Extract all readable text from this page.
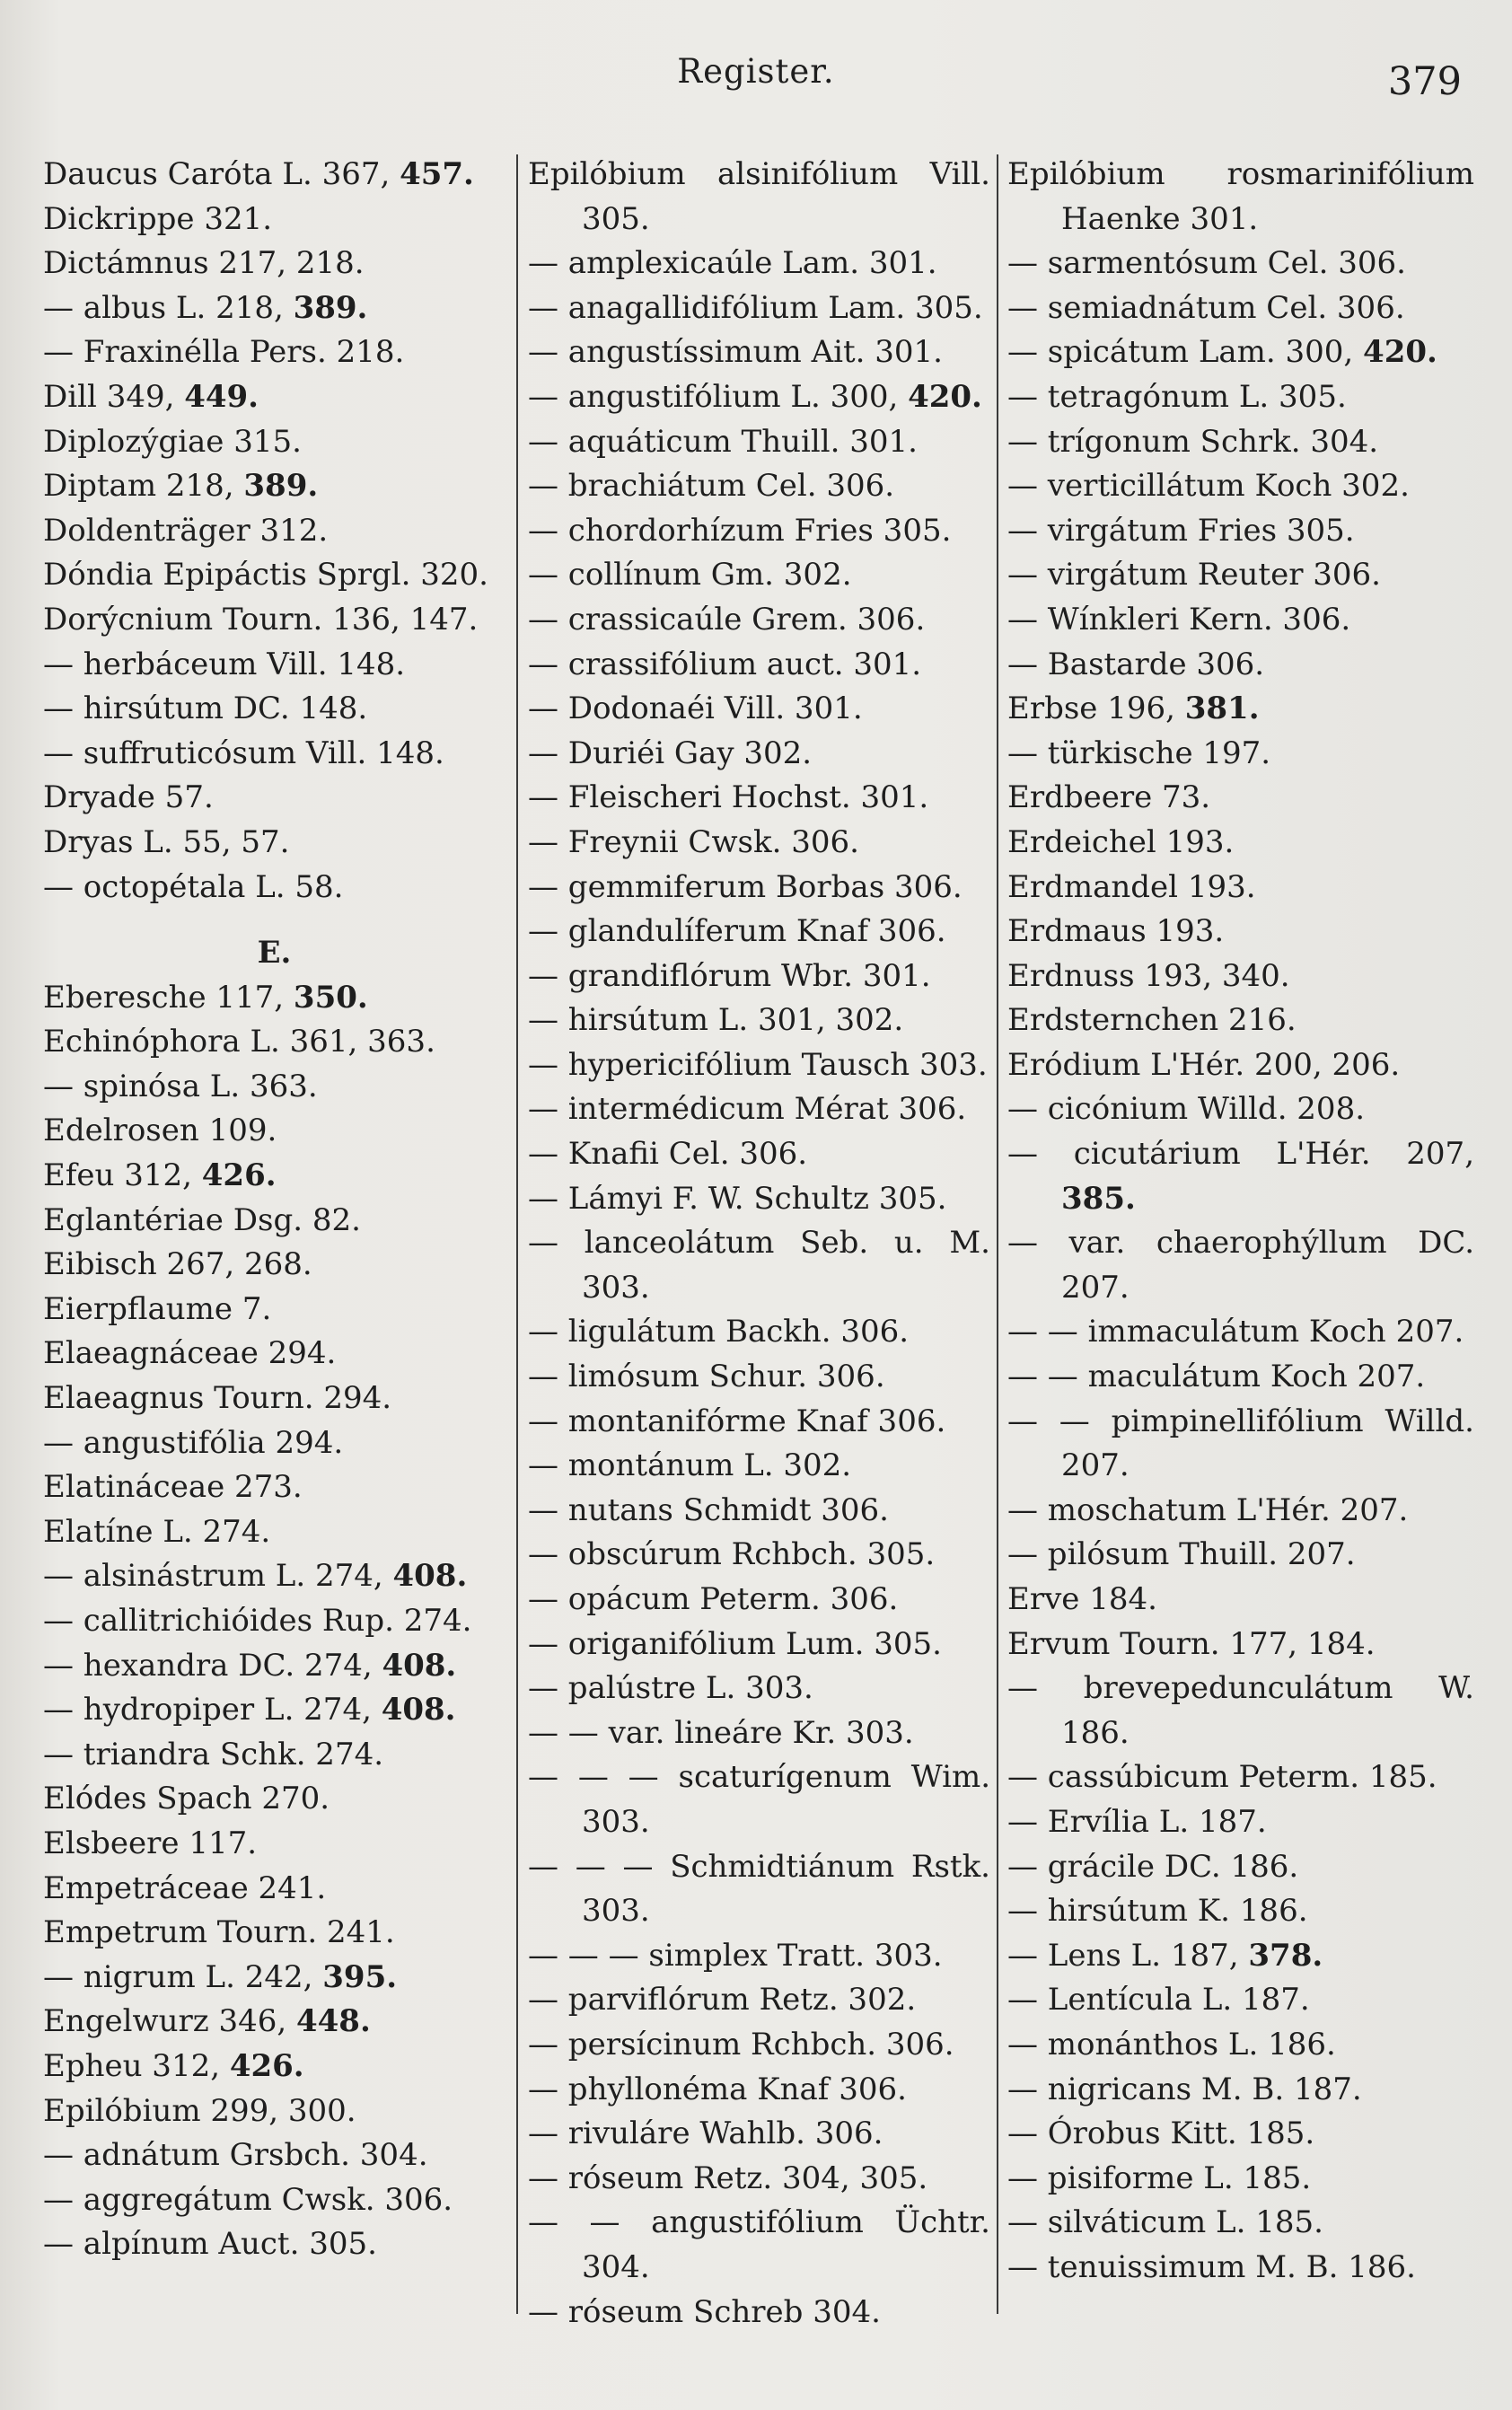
Register.	379
Daucus Caróta L. 367, 457.
Dickrippe 321.
Dictámnus 217, 218.
— albus L. 218, 389.
— Fraxinélla Pers. 218.
Dill 349, 449.
Diplozýgiae 315.
Diptam 218, 389.
Doldenträger 312.
Dóndia Epipáctis Sprgl. 320.
Dorýcnium Tourn. 136, 147.
— herbáceum Vill. 148.
— hirsútum DC. 148.
— suffruticósum Vill. 148.
Dryade 57.
Dryas L. 55, 57.
— octopétala L. 58.
E.
Eberesche 117, 350.
Echinóphora L. 361, 363.
— spinósa L. 363.
Edelrosen 109.
Efeu 312, 426.
Eglantériae Dsg. 82.
Eibisch 267, 268.
Eierpflaume 7.
Elaeagnáceae 294.
Elaeagnus Tourn. 294.
— angustifólia 294.
Elatináceae 273.
Elatíne L. 274.
— alsinástrum L. 274, 408.
— callitrichióides Rup. 274.
— hexandra DC. 274, 408.
— hydropiper L. 274, 408.
— triandra Schk. 274.
Elódes Spach 270.
Elsbeere 117.
Empetráceae 241.
Empetrum Tourn. 241.
— nigrum L. 242, 395.
Engelwurz 346, 448.
Epheu 312, 426.
Epilóbium 299, 300.
— adnátum Grsbch. 304.
— aggregátum Cwsk. 306.
— alpínum Auct. 305.
Epilóbium alsinifólium Vill. 305.
— amplexicaúle Lam. 301.
— anagallidifólium Lam. 305.
— angustíssimum Ait. 301.
— angustifólium L. 300, 420.
— aquáticum Thuill. 301.
— brachiátum Cel. 306.
— chordorhízum Fries 305.
— collínum Gm. 302.
— crassicaúle Grem. 306.
— crassifólium auct. 301.
— Dodonaéi Vill. 301.
— Duriéi Gay 302.
— Fleischeri Hochst. 301.
— Freynii Cwsk. 306.
— gemmiferum Borbas 306.
— glandulíferum Knaf 306.
— grandiflórum Wbr. 301.
— hirsútum L. 301, 302.
— hypericifólium Tausch 303.
— intermédicum Mérat 306.
— Knafii Cel. 306.
— Lámyi F. W. Schultz 305.
— lanceolátum Seb. u. M. 303.
— ligulátum Backh. 306.
— limósum Schur. 306.
— montanifórme Knaf 306.
— montánum L. 302.
— nutans Schmidt 306.
— obscúrum Rchbch. 305.
— opácum Peterm. 306.
— origanifólium Lum. 305.
— palústre L. 303.
— — var. lineáre Kr. 303.
— — — scaturígenum Wim. 303.
— — — Schmidtiánum Rstk. 303.
— — — simplex Tratt. 303.
— parviflórum Retz. 302.
— persícinum Rchbch. 306.
— phyllonéma Knaf 306.
— rivuláre Wahlb. 306.
— róseum Retz. 304, 305.
— — angustifólium Üchtr. 304.
— róseum Schreb 304.
Epilóbium rosmarinifólium Haenke 301.
— sarmentósum Cel. 306.
— semiadnátum Cel. 306.
— spicátum Lam. 300, 420.
— tetragónum L. 305.
— trígonum Schrk. 304.
— verticillátum Koch 302.
— virgátum Fries 305.
— virgátum Reuter 306.
— Wínkleri Kern. 306.
— Bastarde 306.
Erbse 196, 381.
— türkische 197.
Erdbeere 73.
Erdeichel 193.
Erdmandel 193.
Erdmaus 193.
Erdnuss 193, 340.
Erdsternchen 216.
Eródium L'Hér. 200, 206.
— cicónium Willd. 208.
— cicutárium L'Hér. 207, 385.
— var. chaerophýllum DC. 207.
— — immaculátum Koch 207.
— — maculátum Koch 207.
— — pimpinellifólium Willd. 207.
— moschatum L'Hér. 207.
— pilósum Thuill. 207.
Erve 184.
Ervum Tourn. 177, 184.
— brevepedunculátum W. 186.
— cassúbicum Peterm. 185.
— Ervília L. 187.
— grácile DC. 186.
— hirsútum K. 186.
— Lens L. 187, 378.
— Lentícula L. 187.
— monánthos L. 186.
— nigricans M. B. 187.
— Órobus Kitt. 185.
— pisiforme L. 185.
— silváticum L. 185.
— tenuissimum M. B. 186.
